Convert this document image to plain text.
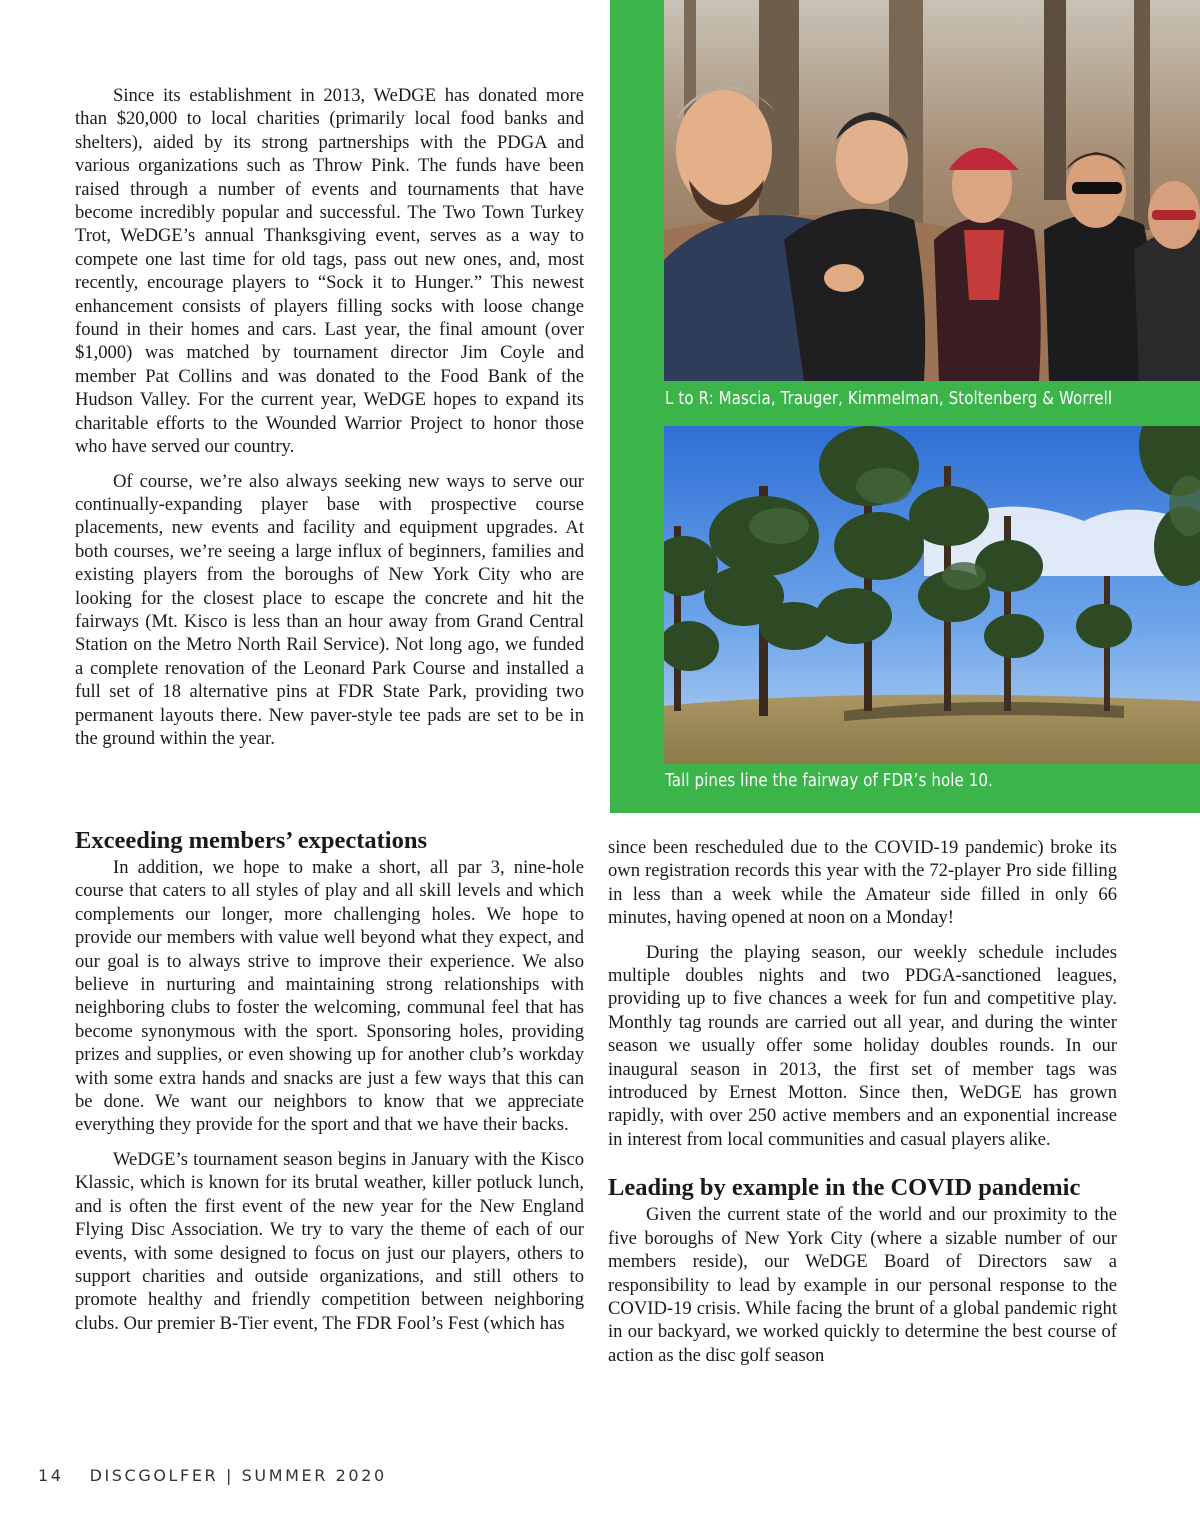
Since its establishment in 2013, WeDGE has donated more than $20,000 to local charities (primarily local food banks and shelters), aided by its strong partnerships with the PDGA and various organizations such as Throw Pink. The funds have been raised through a number of events and tournaments that have become incredibly popular and successful. The Two Town Turkey Trot, WeDGE’s annual Thanksgiving event, serves as a way to compete one last time for old tags, pass out new ones, and, most recently, encourage players to “Sock it to Hunger.” This newest enhancement consists of players filling socks with loose change found in their homes and cars. Last year, the final amount (over $1,000) was matched by tournament director Jim Coyle and member Pat Collins and was donated to the Food Bank of the Hudson Valley. For the current year, WeDGE hopes to expand its charitable efforts to the Wounded Warrior Project to honor those who have served our country.

Of course, we’re also always seeking new ways to serve our continually-expanding player base with prospective course placements, new events and facility and equipment upgrades. At both courses, we’re seeing a large influx of beginners, families and existing players from the boroughs of New York City who are looking for the closest place to escape the concrete and hit the fairways (Mt. Kisco is less than an hour away from Grand Central Station on the Metro North Rail Service). Not long ago, we funded a complete renovation of the Leonard Park Course and installed a full set of 18 alternative pins at FDR State Park, providing two permanent layouts there. New paver-style tee pads are set to be in the ground within the year.

Exceeding members’ expectations

In addition, we hope to make a short, all par 3, nine-hole course that caters to all styles of play and all skill levels and which complements our longer, more challenging holes. We hope to provide our members with value well beyond what they expect, and our goal is to always strive to improve their experience. We also believe in nurturing and maintaining strong relationships with neighboring clubs to foster the welcoming, communal feel that has become synonymous with the sport. Sponsoring holes, providing prizes and supplies, or even showing up for another club’s workday with some extra hands and snacks are just a few ways that this can be done. We want our neighbors to know that we appreciate everything they provide for the sport and that we have their backs.

WeDGE’s tournament season begins in January with the Kisco Klassic, which is known for its brutal weather, killer potluck lunch, and is often the first event of the new year for the New England Flying Disc Association. We try to vary the theme of each of our events, with some designed to focus on just our players, others to support charities and outside organizations, and still others to promote healthy and friendly competition between neighboring clubs. Our premier B-Tier event, The FDR Fool’s Fest (which has

since been rescheduled due to the COVID-19 pandemic) broke its own registration records this year with the 72-player Pro side filling in less than a week while the Amateur side filled in only 66 minutes, having opened at noon on a Monday!

During the playing season, our weekly schedule includes multiple doubles nights and two PDGA-sanctioned leagues, providing up to five chances a week for fun and competitive play. Monthly tag rounds are carried out all year, and during the winter season we usually offer some holiday doubles rounds. In our inaugural season in 2013, the first set of member tags was introduced by Ernest Motton. Since then, WeDGE has grown rapidly, with over 250 active members and an exponential increase in interest from local communities and casual players alike.

Leading by example in the COVID pandemic

Given the current state of the world and our proximity to the five boroughs of New York City (where a sizable number of our members reside), our WeDGE Board of Directors saw a responsibility to lead by example in our personal response to the COVID-19 crisis. While facing the brunt of a global pandemic right in our backyard, we worked quickly to determine the best course of action as the disc golf season

L to R: Mascia, Trauger, Kimmelman, Stoltenberg & Worrell
Tall pines line the fairway of FDR’s hole 10.
14 DISCGOLFER | SUMMER 2020
